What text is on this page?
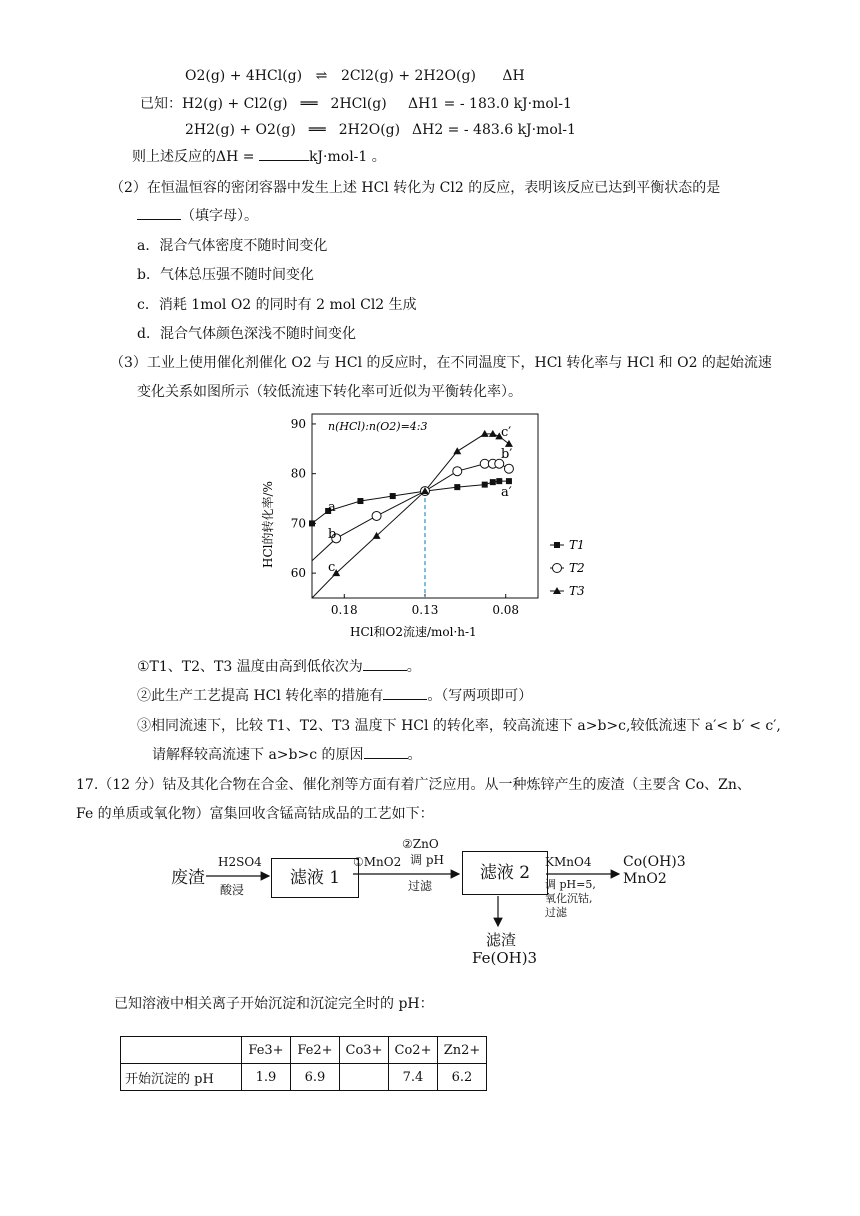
O2(g) + 4HCl(g) ⇌ 2Cl2(g) + 2H2O(g) ΔH
已知：H2(g) + Cl2(g) ══ 2HCl(g) ΔH1 = - 183.0 kJ·mol-1
2H2(g) + O2(g) ══ 2H2O(g) ΔH2 = - 483.6 kJ·mol-1
则上述反应的ΔH =	kJ·mol-1 。
（2）在恒温恒容的密闭容器中发生上述 HCl 转化为 Cl2 的反应，表明该反应已达到平衡状态的是
（填字母）。
a．混合气体密度不随时间变化
b．气体总压强不随时间变化
c．消耗 1mol O2 的同时有 2 mol Cl2 生成
d．混合气体颜色深浅不随时间变化
（3）工业上使用催化剂催化 O2 与 HCl 的反应时，在不同温度下，HCl 转化率与 HCl 和 O2 的起始流速
变化关系如图所示（较低流速下转化率可近似为平衡转化率）。
60
70
80
90
0.18	0.13	0.08
a
a′
b
b′
c
c′
n(HCl):n(O2)=4:3
HCl的转化率/%
HCl和O2流速/mol·h-1
T1
T2
T3
①T1、T2、T3 温度由高到低依次为	。
②此生产工艺提高 HCl 转化率的措施有	。（写两项即可）
③相同流速下，比较 T1、T2、T3 温度下 HCl 的转化率，较高流速下 a>b>c,较低流速下 a′< b′ < c′,
请解释较高流速下 a>b>c 的原因	。
17.（12 分）钴及其化合物在合金、催化剂等方面有着广泛应用。从一种炼锌产生的废渣（主要含 Co、Zn、
Fe 的单质或氧化物）富集回收含锰高钴成品的工艺如下：
废渣
H2SO4
酸浸
滤液 1
①MnO2
②ZnO
调 pH
过滤
滤液 2
KMnO4
调 pH=5,
氧化沉钴,
过滤
Co(OH)3
MnO2
滤渣
Fe(OH)3
已知溶液中相关离子开始沉淀和沉淀完全时的 pH：
	Fe3+	Fe2+	Co3+	Co2+	Zn2+
开始沉淀的 pH	1.9	6.9		7.4	6.2
